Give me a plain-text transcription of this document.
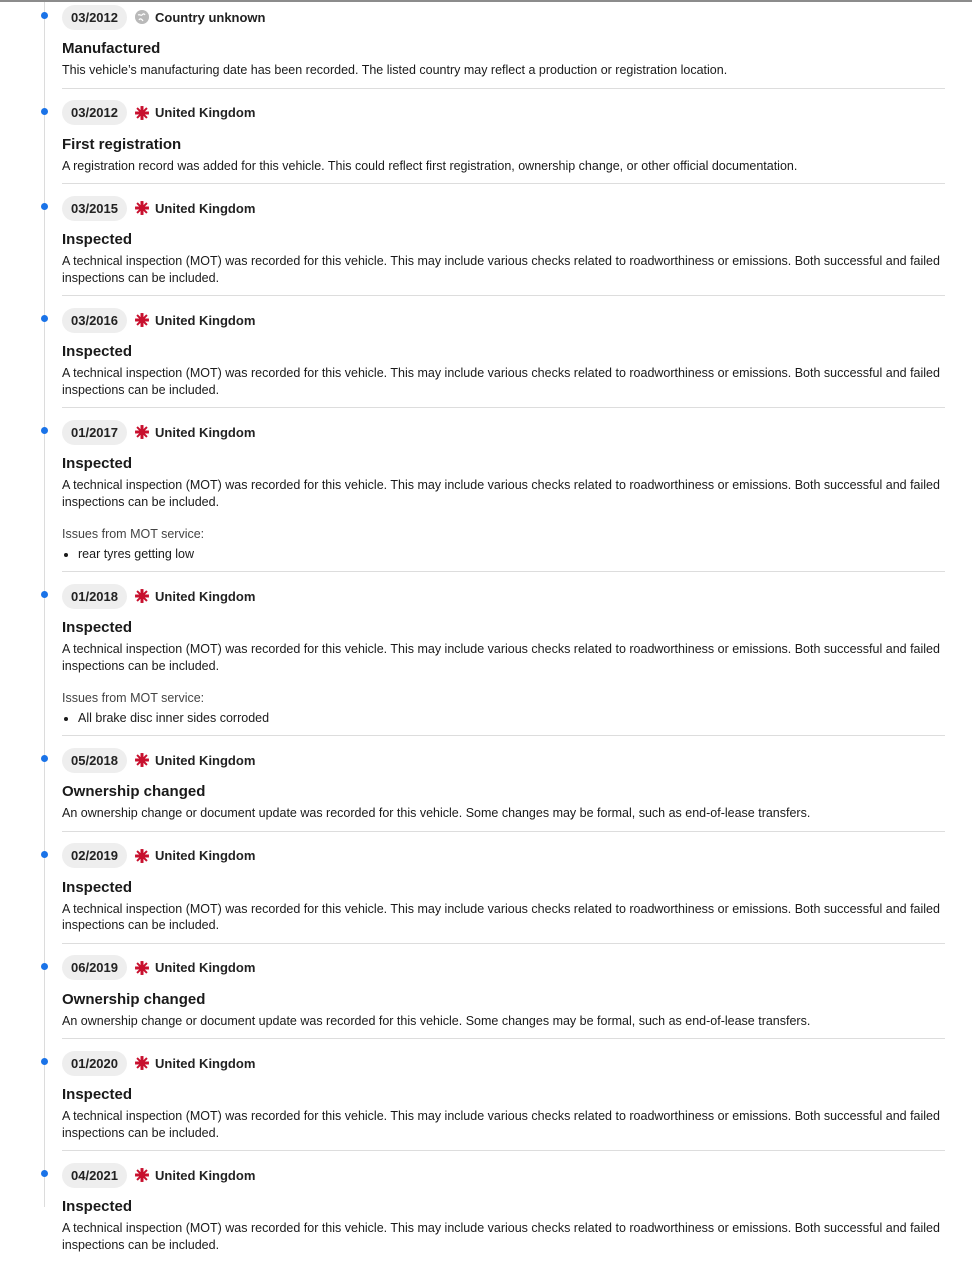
03/2012	Country unknown
Manufactured
This vehicle’s manufacturing date has been recorded. The listed country may reflect a production or registration location.
03/2012	United Kingdom
First registration
A registration record was added for this vehicle. This could reflect first registration, ownership change, or other official documentation.
03/2015	United Kingdom
Inspected
A technical inspection (MOT) was recorded for this vehicle. This may include various checks related to roadworthiness or emissions. Both successful and failed inspections can be included.
03/2016	United Kingdom
Inspected
A technical inspection (MOT) was recorded for this vehicle. This may include various checks related to roadworthiness or emissions. Both successful and failed inspections can be included.
01/2017	United Kingdom
Inspected
A technical inspection (MOT) was recorded for this vehicle. This may include various checks related to roadworthiness or emissions. Both successful and failed inspections can be included.
Issues from MOT service:
• rear tyres getting low
01/2018	United Kingdom
Inspected
A technical inspection (MOT) was recorded for this vehicle. This may include various checks related to roadworthiness or emissions. Both successful and failed inspections can be included.
Issues from MOT service:
• All brake disc inner sides corroded
05/2018	United Kingdom
Ownership changed
An ownership change or document update was recorded for this vehicle. Some changes may be formal, such as end-of-lease transfers.
02/2019	United Kingdom
Inspected
A technical inspection (MOT) was recorded for this vehicle. This may include various checks related to roadworthiness or emissions. Both successful and failed inspections can be included.
06/2019	United Kingdom
Ownership changed
An ownership change or document update was recorded for this vehicle. Some changes may be formal, such as end-of-lease transfers.
01/2020	United Kingdom
Inspected
A technical inspection (MOT) was recorded for this vehicle. This may include various checks related to roadworthiness or emissions. Both successful and failed inspections can be included.
04/2021	United Kingdom
Inspected
A technical inspection (MOT) was recorded for this vehicle. This may include various checks related to roadworthiness or emissions. Both successful and failed inspections can be included.
